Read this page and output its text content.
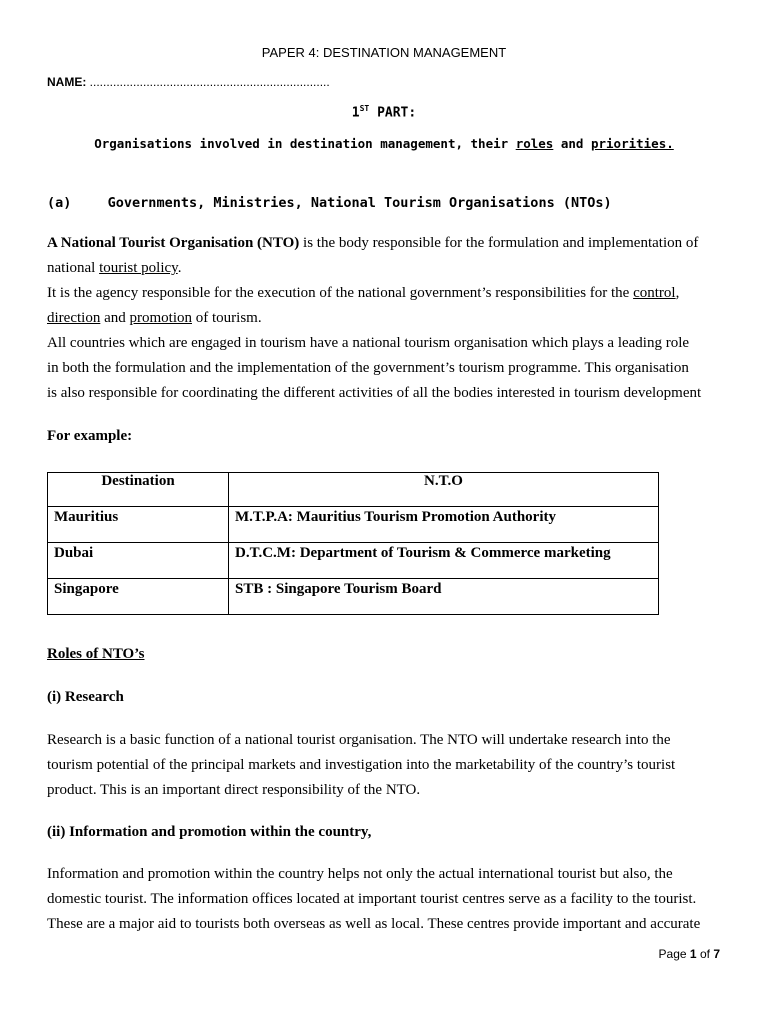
PAPER 4: DESTINATION MANAGEMENT
NAME: ........................................................................
1ST PART:
Organisations involved in destination management, their roles and priorities.
(a)	Governments, Ministries, National Tourism Organisations (NTOs)
A National Tourist Organisation (NTO) is the body responsible for the formulation and implementation of
national tourist policy.
It is the agency responsible for the execution of the national government’s responsibilities for the control,
direction and promotion of tourism.
All countries which are engaged in tourism have a national tourism organisation which plays a leading role
in both the formulation and the implementation of the government’s tourism programme. This organisation
is also responsible for coordinating the different activities of all the bodies interested in tourism development
For example:
Destination	N.T.O
Mauritius	M.T.P.A: Mauritius Tourism Promotion Authority
Dubai	D.T.C.M: Department of Tourism & Commerce marketing
Singapore	STB : Singapore Tourism Board
Roles of NTO’s
(i) Research
Research is a basic function of a national tourist organisation. The NTO will undertake research into the
tourism potential of the principal markets and investigation into the marketability of the country’s tourist
product. This is an important direct responsibility of the NTO.
(ii) Information and promotion within the country,
Information and promotion within the country helps not only the actual international tourist but also, the
domestic tourist. The information offices located at important tourist centres serve as a facility to the tourist.
These are a major aid to tourists both overseas as well as local. These centres provide important and accurate
Page 1 of 7
